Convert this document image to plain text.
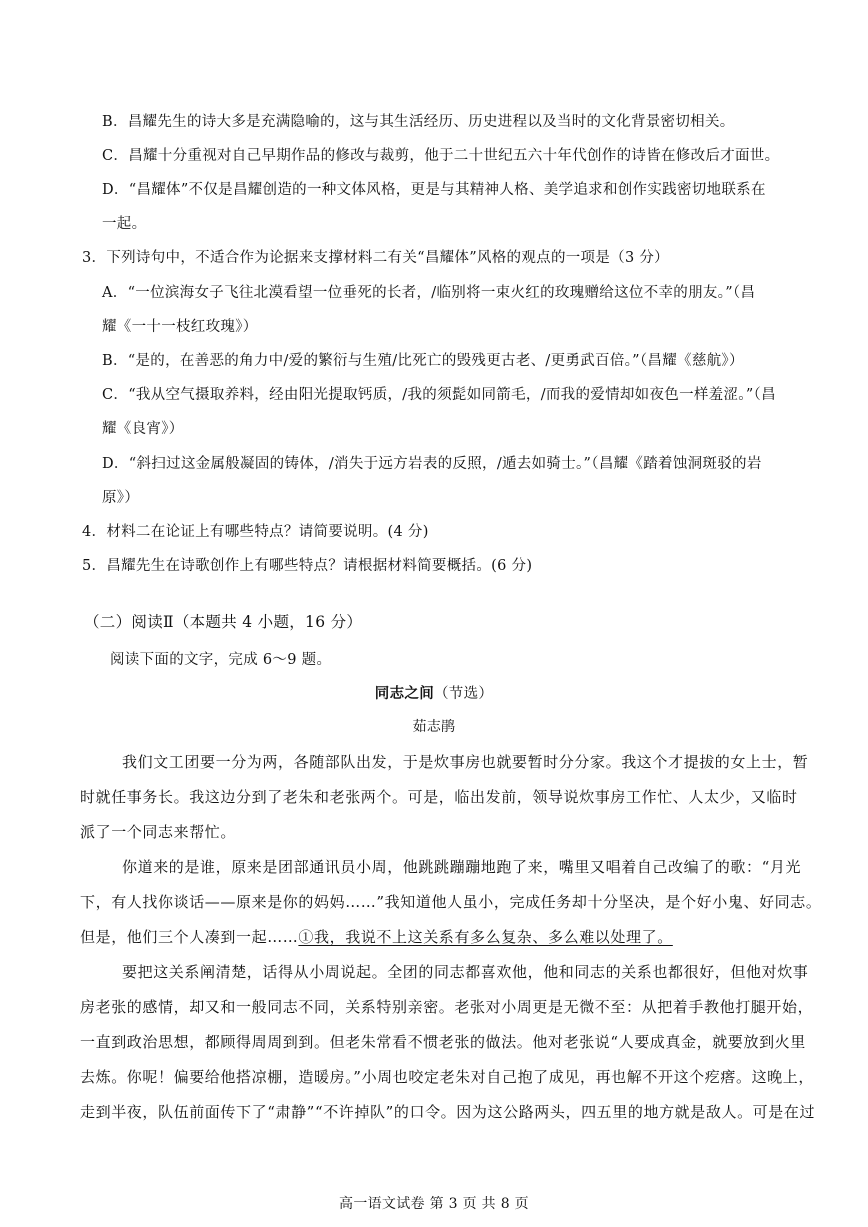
B．昌耀先生的诗大多是充满隐喻的，这与其生活经历、历史进程以及当时的文化背景密切相关。
C．昌耀十分重视对自己早期作品的修改与裁剪，他于二十世纪五六十年代创作的诗皆在修改后才面世。
D．“昌耀体”不仅是昌耀创造的一种文体风格，更是与其精神人格、美学追求和创作实践密切地联系在
一起。
3．下列诗句中，不适合作为论据来支撑材料二有关“昌耀体”风格的观点的一项是（3 分）
A．“一位滨海女子飞往北漠看望一位垂死的长者，/临别将一束火红的玫瑰赠给这位不幸的朋友。”（昌
耀《一十一枝红玫瑰》）
B．“是的，在善恶的角力中/爱的繁衍与生殖/比死亡的毁残更古老、/更勇武百倍。”（昌耀《慈航》）
C．“我从空气摄取养料，经由阳光提取钙质，/我的须髭如同箭毛，/而我的爱情却如夜色一样羞涩。”（昌
耀《良宵》）
D．“斜扫过这金属般凝固的铸体，/消失于远方岩表的反照，/遁去如骑士。”（昌耀《踏着蚀洞斑驳的岩
原》）
4．材料二在论证上有哪些特点？请简要说明。(4 分)
5．昌耀先生在诗歌创作上有哪些特点？请根据材料简要概括。(6 分)
（二）阅读Ⅱ（本题共 4 小题，16 分）
阅读下面的文字，完成 6～9 题。
同志之间（节选）
茹志鹃
我们文工团要一分为两，各随部队出发，于是炊事房也就要暂时分分家。我这个才提拔的女上士，暂
时就任事务长。我这边分到了老朱和老张两个。可是，临出发前，领导说炊事房工作忙、人太少，又临时
派了一个同志来帮忙。
你道来的是谁，原来是团部通讯员小周，他跳跳蹦蹦地跑了来，嘴里又唱着自己改编了的歌：“月光
下，有人找你谈话——原来是你的妈妈……”我知道他人虽小，完成任务却十分坚决，是个好小鬼、好同志。
但是，他们三个人凑到一起……①我，我说不上这关系有多么复杂、多么难以处理了。
要把这关系阐清楚，话得从小周说起。全团的同志都喜欢他，他和同志的关系也都很好，但他对炊事
房老张的感情，却又和一般同志不同，关系特别亲密。老张对小周更是无微不至：从把着手教他打腿开始，
一直到政治思想，都顾得周周到到。但老朱常看不惯老张的做法。他对老张说“人要成真金，就要放到火里
去炼。你呢！偏要给他搭凉棚，造暖房。”小周也咬定老朱对自己抱了成见，再也解不开这个疙瘩。这晚上，
走到半夜，队伍前面传下了“肃静”“不许掉队”的口令。因为这公路两头，四五里的地方就是敌人。可是在过
高一语文试卷 第 3 页 共 8 页
